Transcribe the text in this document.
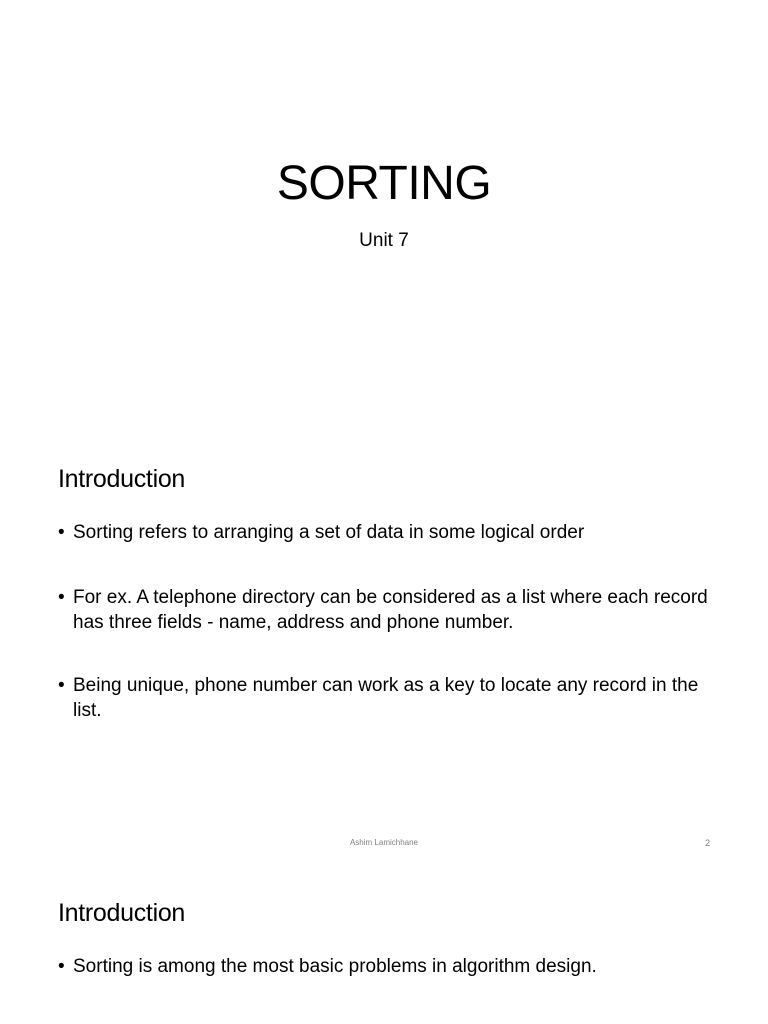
SORTING
Unit 7
Introduction
• Sorting refers to arranging a set of data in some logical order
• For ex. A telephone directory can be considered as a list where each record has three fields - name, address and phone number.
• Being unique, phone number can work as a key to locate any record in the list.
Ashim Lamichhane	2
Introduction
• Sorting is among the most basic problems in algorithm design.
